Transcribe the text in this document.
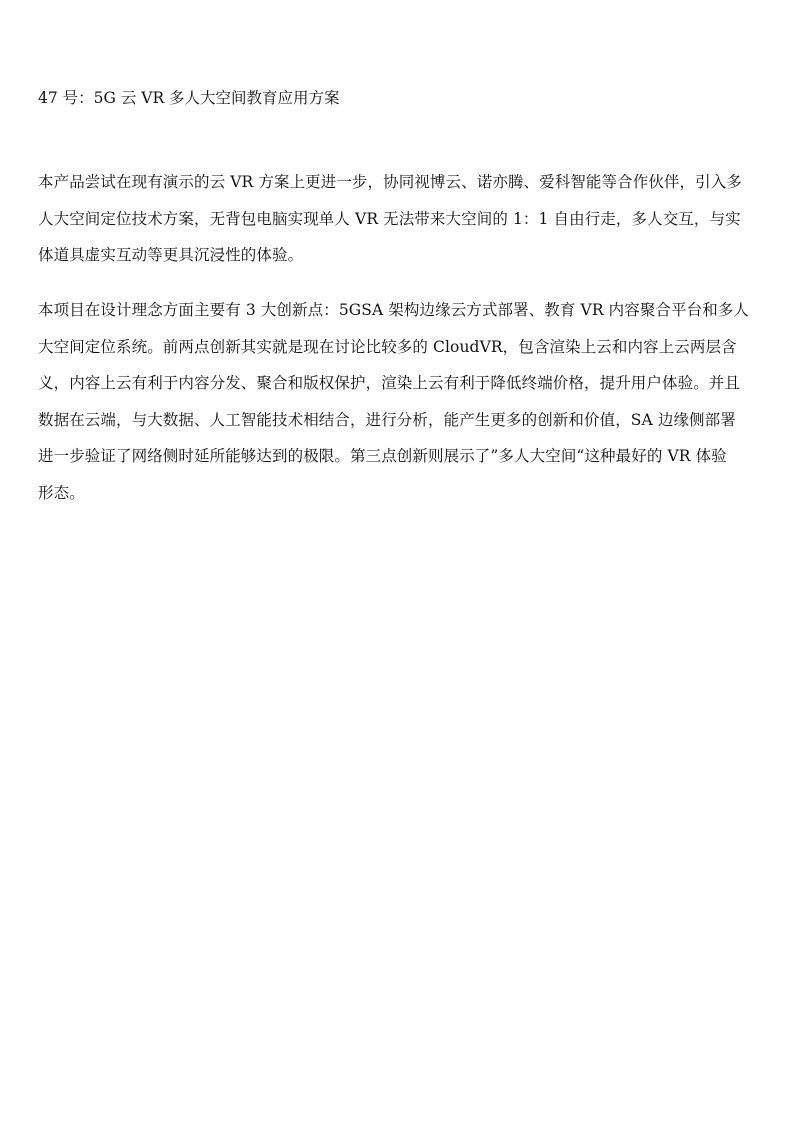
47 号：5G 云 VR 多人大空间教育应用方案

本产品尝试在现有演示的云 VR 方案上更进一步，协同视博云、诺亦腾、爱科智能等合作伙伴，引入多
人大空间定位技术方案，无背包电脑实现单人 VR 无法带来大空间的 1：1 自由行走，多人交互，与实
体道具虚实互动等更具沉浸性的体验。

本项目在设计理念方面主要有 3 大创新点：5GSA 架构边缘云方式部署、教育 VR 内容聚合平台和多人
大空间定位系统。前两点创新其实就是现在讨论比较多的 CloudVR，包含渲染上云和内容上云两层含
义，内容上云有利于内容分发、聚合和版权保护，渲染上云有利于降低终端价格，提升用户体验。并且
数据在云端，与大数据、人工智能技术相结合，进行分析，能产生更多的创新和价值，SA 边缘侧部署
进一步验证了网络侧时延所能够达到的极限。第三点创新则展示了”多人大空间“这种最好的 VR 体验
形态。
